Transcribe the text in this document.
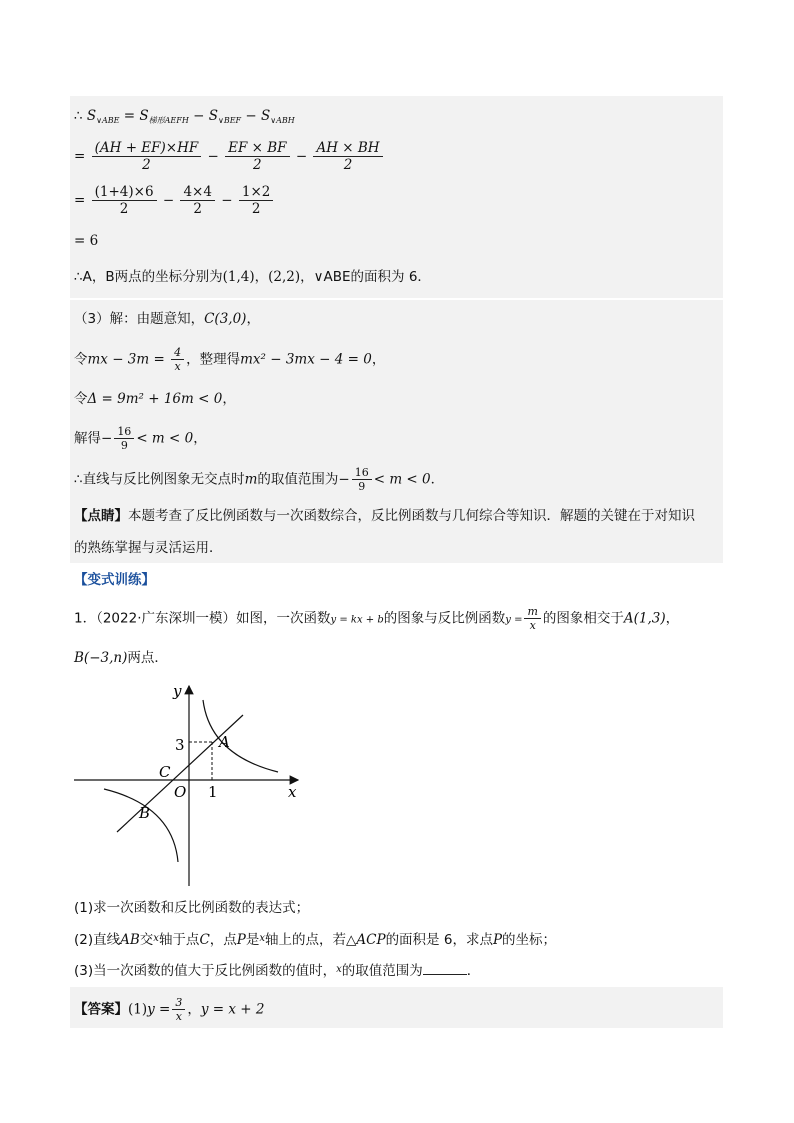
∴ $S_{\vee ABE} = S_{梯形AEFH} - S_{\vee BEF} - S_{\vee ABH}$
= $\frac{(AH + EF)\times HF}{2} - \frac{EF \times BF}{2} - \frac{AH \times BH}{2}$
= $\frac{(1+4)\times 6}{2} - \frac{4\times 4}{2} - \frac{1\times 2}{2}$
= 6
∴A，B两点的坐标分别为(1,4)，(2,2)，∨ABE的面积为 6．
（3）解：由题意知，C(3,0)，
令mx − $3m = \frac{4}{x}$ ，整理得mx² − 3mx − 4 = 0，
令Δ = 9m² + 16m < 0，
解得− $\frac{16}{9} < m < 0$，
∴直线与反比例图象无交点时m的取值范围为− $\frac{16}{9} < m < 0$．
【点睛】本题考查了反比例函数与一次函数综合，反比例函数与几何综合等知识．解题的关键在于对知识
的熟练掌握与灵活运用．
【变式训练】
1．（2022·广东深圳一模）如图，一次函数y = kx + b的图象与反比例函数$y = \frac{m}{x}$ 的图象相交于A(1,3)，
B(−3,n)两点．
y
x
O
A
B
C
3
1
(1)求一次函数和反比例函数的表达式；
(2)直线AB交$^x$轴于点C，点P是$^x$轴上的点，若△ACP的面积是 6，求点P的坐标；
(3)当一次函数的值大于反比例函数的值时，$^x$的取值范围为	．
【答案】$(1)y = \frac{3}{x}$ ，y = x + 2
